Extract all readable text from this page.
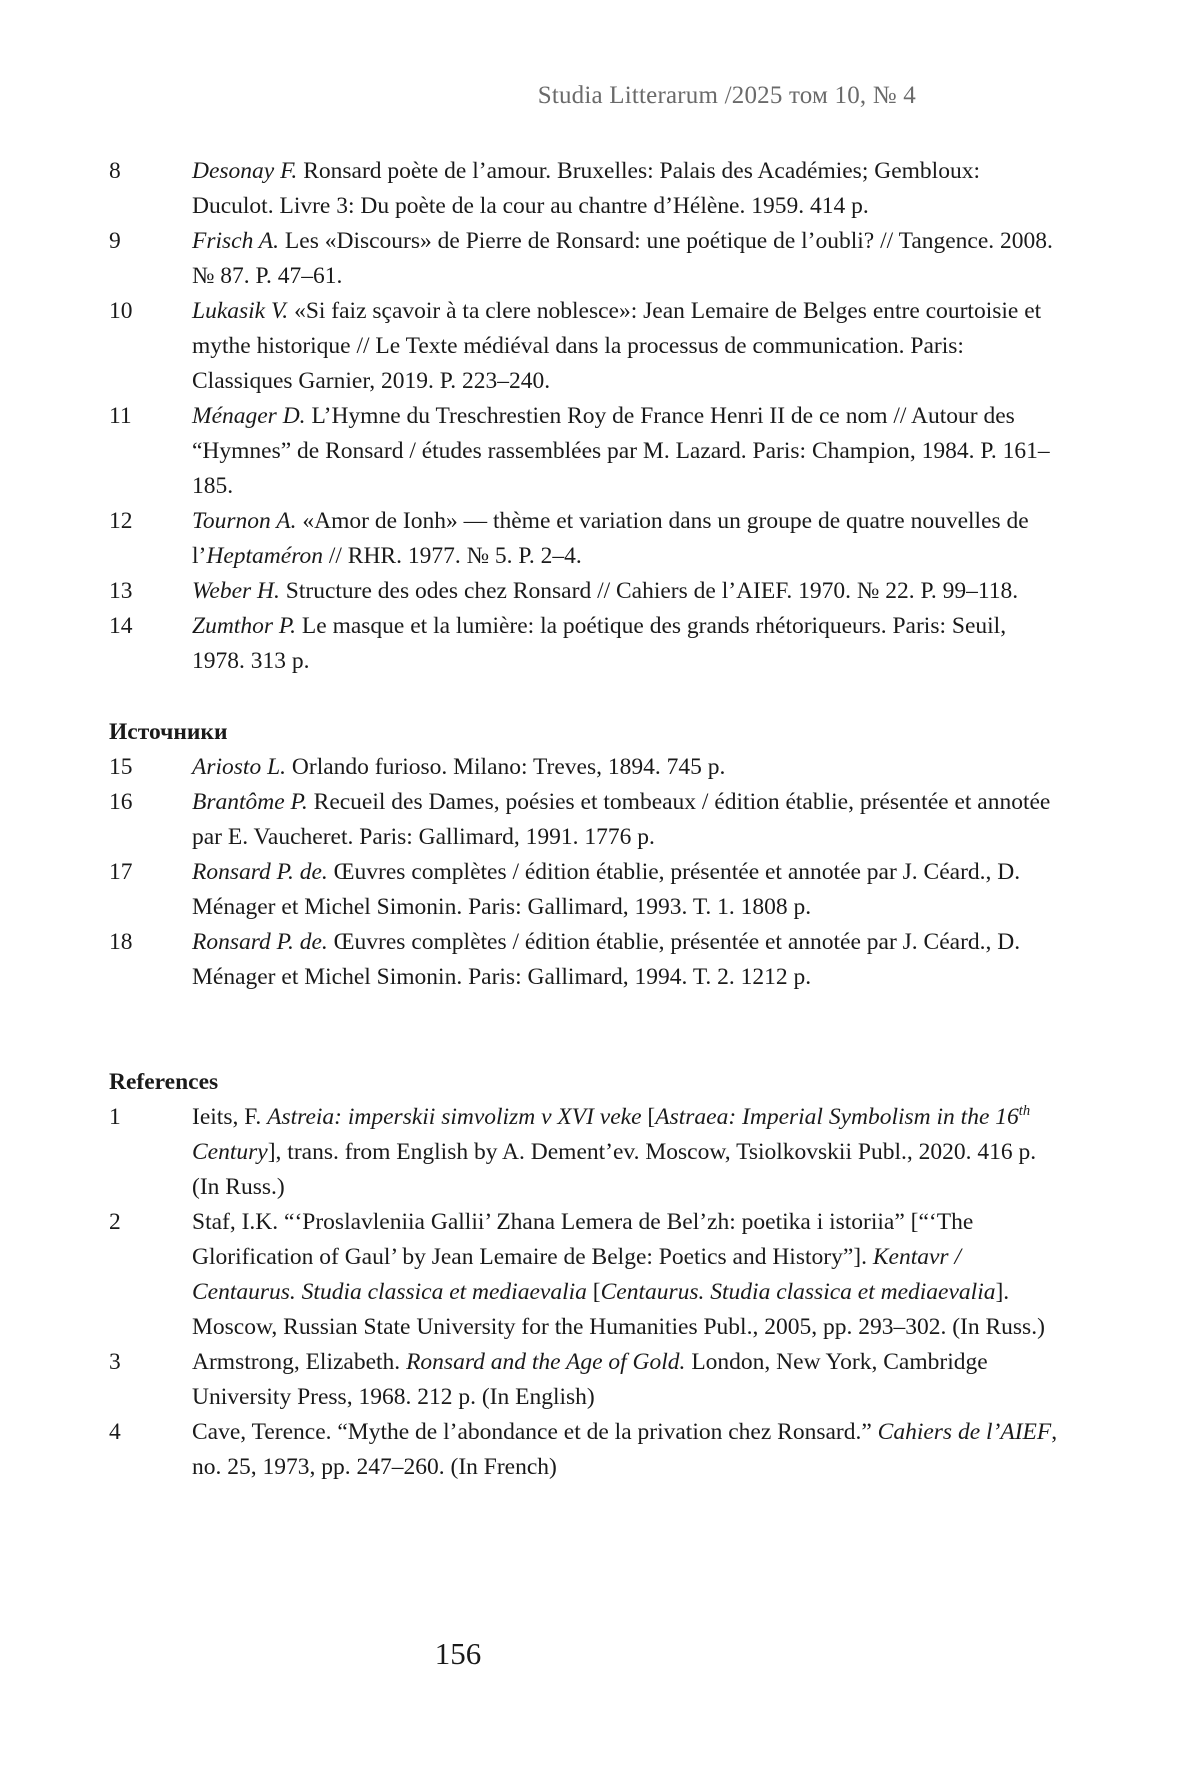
Studia Litterarum /2025 том 10, № 4
8	Desonay F. Ronsard poète de l’amour. Bruxelles: Palais des Académies; Gembloux: Duculot. Livre 3: Du poète de la cour au chantre d’Hélène. 1959. 414 p.
9	Frisch A. Les «Discours» de Pierre de Ronsard: une poétique de l’oubli? // Tangence. 2008. № 87. P. 47–61.
10	Lukasik V. «Si faiz sçavoir à ta clere noblesce»: Jean Lemaire de Belges entre courtoisie et mythe historique // Le Texte médiéval dans la processus de communication. Paris: Classiques Garnier, 2019. P. 223–240.
11	Ménager D. L’Hymne du Treschrestien Roy de France Henri II de ce nom // Autour des “Hymnes” de Ronsard / études rassemblées par M. Lazard. Paris: Champion, 1984. P. 161–185.
12	Tournon A. «Amor de Ionh» — thème et variation dans un groupe de quatre nouvelles de l’Heptaméron // RHR. 1977. № 5. P. 2–4.
13	Weber H. Structure des odes chez Ronsard // Cahiers de l’AIEF. 1970. № 22. P. 99–118.
14	Zumthor P. Le masque et la lumière: la poétique des grands rhétoriqueurs. Paris: Seuil, 1978. 313 p.
Источники
15	Ariosto L. Orlando furioso. Milano: Treves, 1894. 745 p.
16	Brantôme P. Recueil des Dames, poésies et tombeaux / édition établie, présentée et annotée par E. Vaucheret. Paris: Gallimard, 1991. 1776 p.
17	Ronsard P. de. Œuvres complètes / édition établie, présentée et annotée par J. Céard., D. Ménager et Michel Simonin. Paris: Gallimard, 1993. T. 1. 1808 p.
18	Ronsard P. de. Œuvres complètes / édition établie, présentée et annotée par J. Céard., D. Ménager et Michel Simonin. Paris: Gallimard, 1994. T. 2. 1212 p.
References
1	Ieits, F. Astreia: imperskii simvolizm v XVI veke [Astraea: Imperial Symbolism in the 16th Century], trans. from English by A. Dement’ev. Moscow, Tsiolkovskii Publ., 2020. 416 p. (In Russ.)
2	Staf, I.K. “‘Proslavleniia Gallii’ Zhana Lemera de Bel’zh: poetika i istoriia” [“‘The Glorification of Gaul’ by Jean Lemaire de Belge: Poetics and History”]. Kentavr / Centaurus. Studia classica et mediaevalia [Centaurus. Studia classica et mediaevalia]. Moscow, Russian State University for the Humanities Publ., 2005, pp. 293–302. (In Russ.)
3	Armstrong, Elizabeth. Ronsard and the Age of Gold. London, New York, Cambridge University Press, 1968. 212 p. (In English)
4	Cave, Terence. “Mythe de l’abondance et de la privation chez Ronsard.” Cahiers de l’AIEF, no. 25, 1973, pp. 247–260. (In French)
156
